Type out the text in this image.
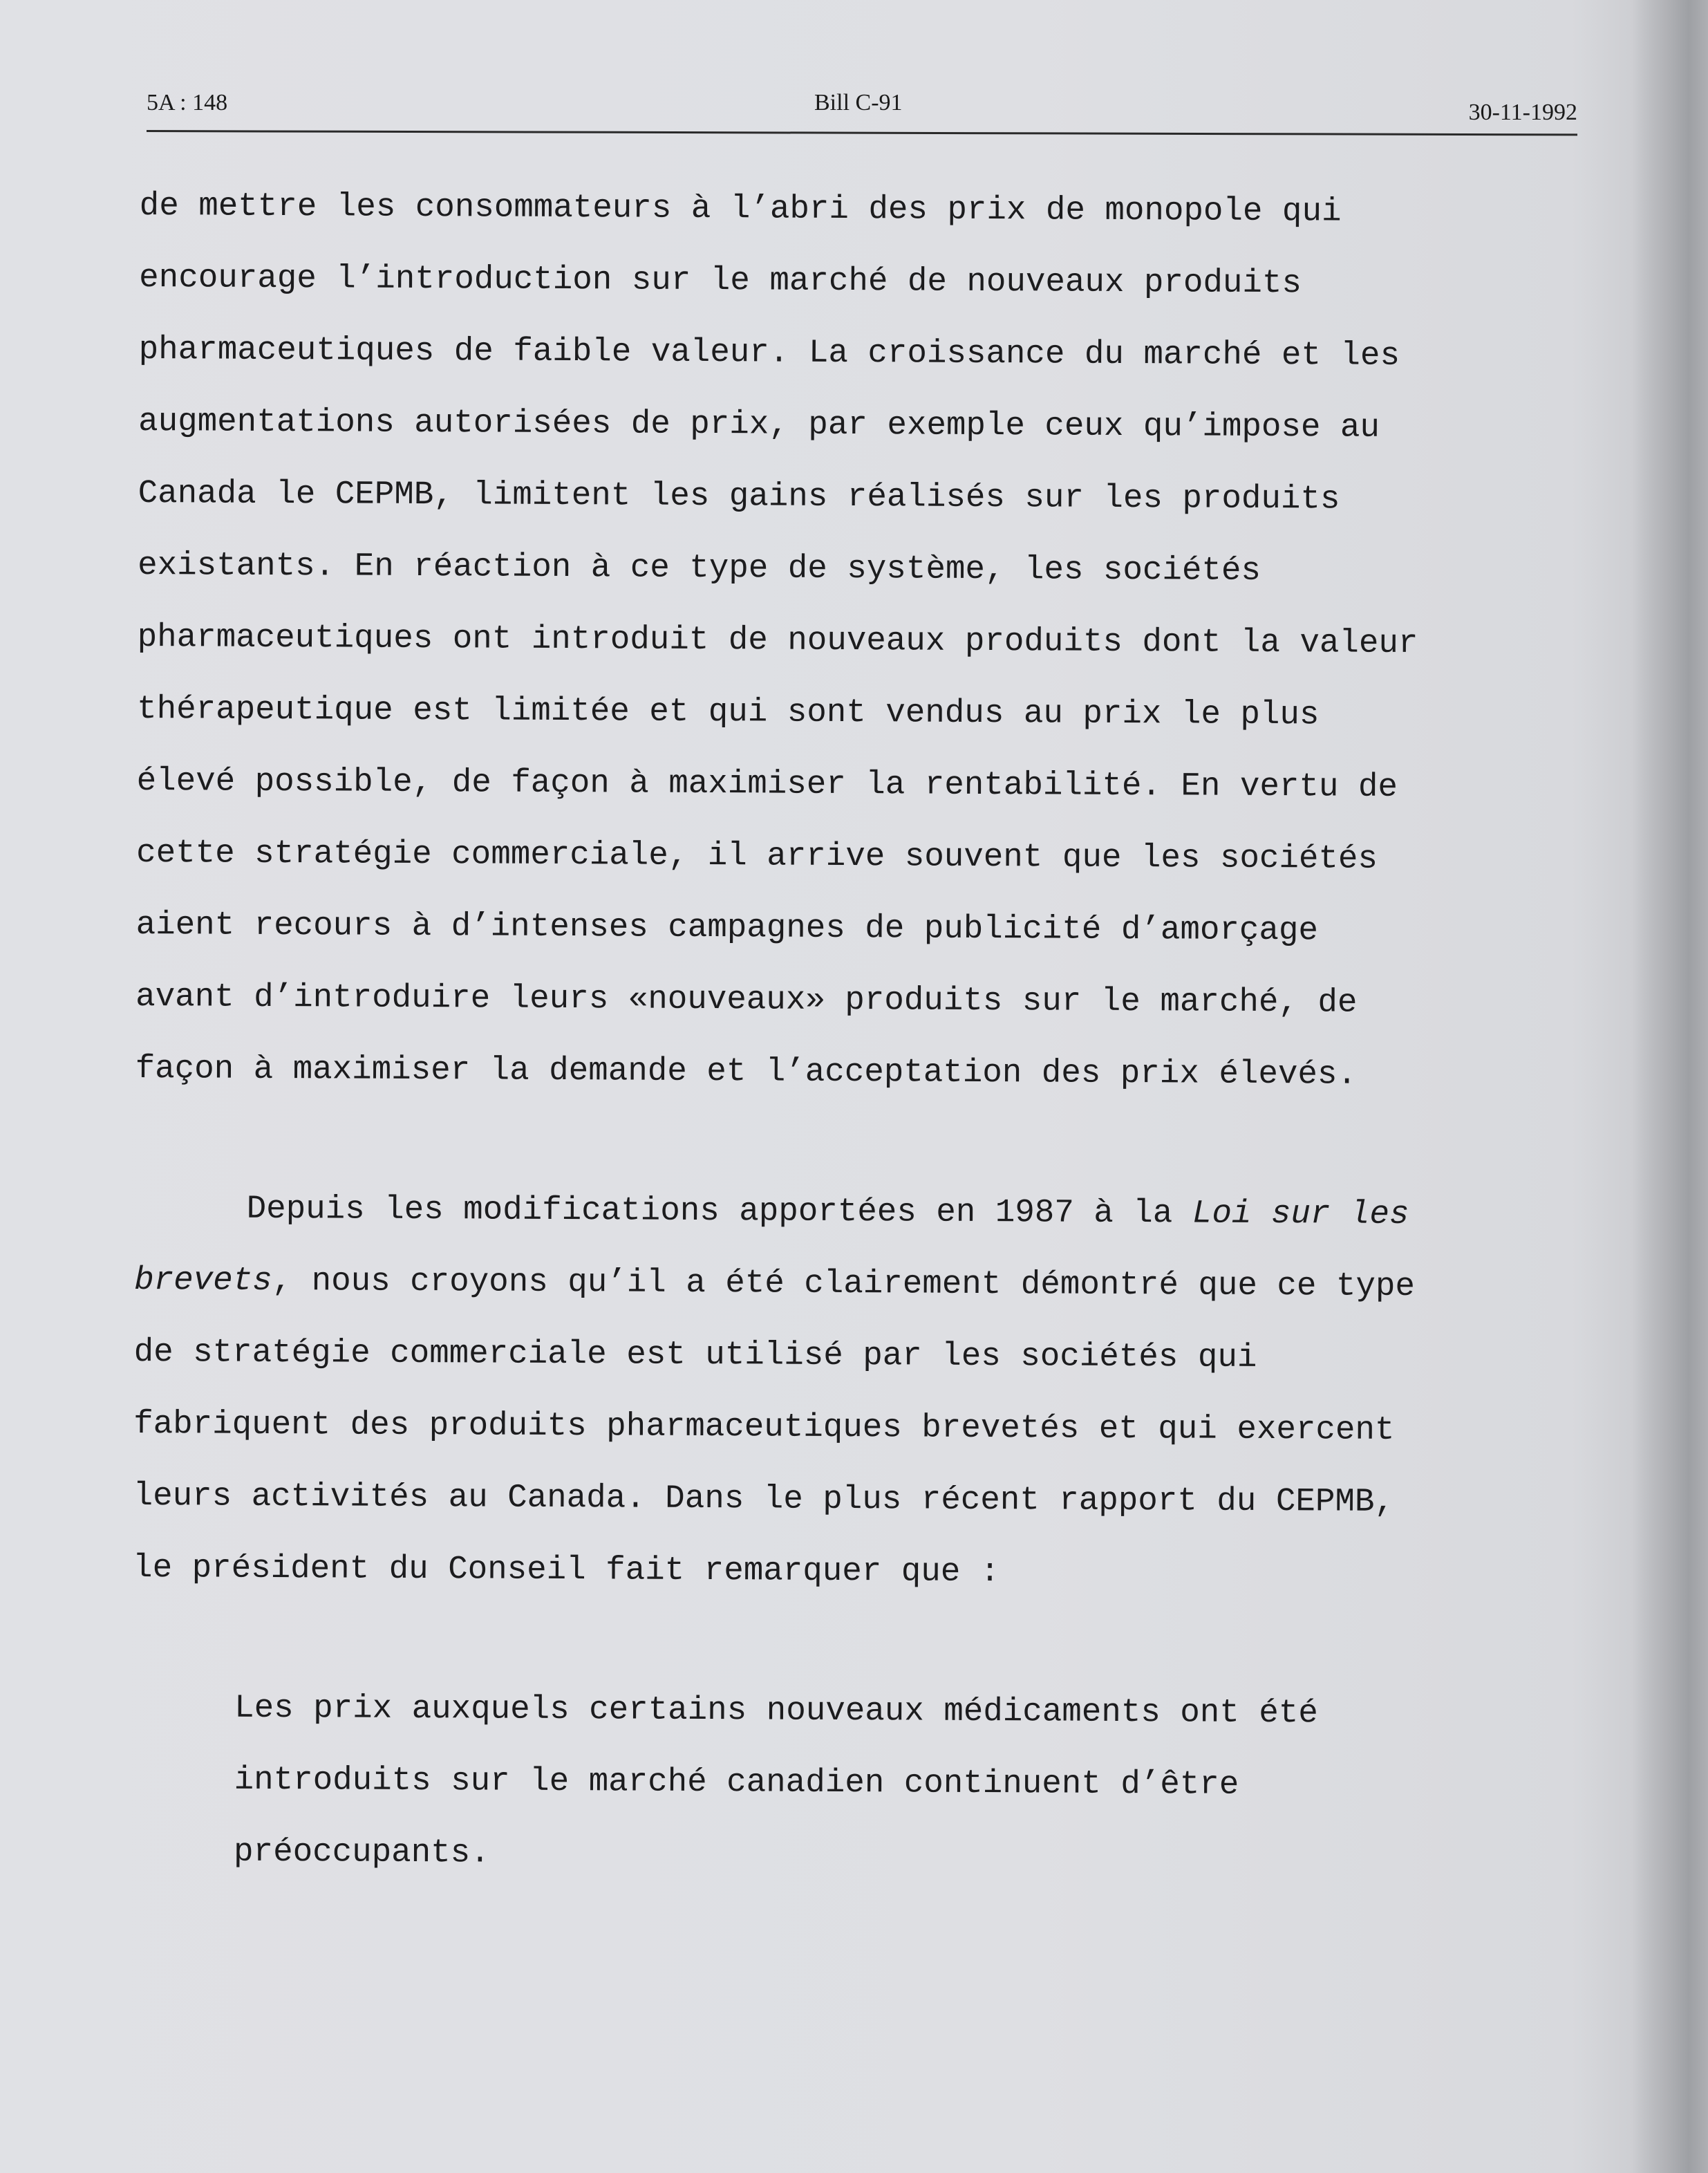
5A : 148	Bill C-91	30-11-1992
de mettre les consommateurs à l’abri des prix de monopole qui
encourage l’introduction sur le marché de nouveaux produits
pharmaceutiques de faible valeur. La croissance du marché et les
augmentations autorisées de prix, par exemple ceux qu’impose au
Canada le CEPMB, limitent les gains réalisés sur les produits
existants. En réaction à ce type de système, les sociétés
pharmaceutiques ont introduit de nouveaux produits dont la valeur
thérapeutique est limitée et qui sont vendus au prix le plus
élevé possible, de façon à maximiser la rentabilité. En vertu de
cette stratégie commerciale, il arrive souvent que les sociétés
aient recours à d’intenses campagnes de publicité d’amorçage
avant d’introduire leurs «nouveaux» produits sur le marché, de
façon à maximiser la demande et l’acceptation des prix élevés.
Depuis les modifications apportées en 1987 à la Loi sur les
brevets, nous croyons qu’il a été clairement démontré que ce type
de stratégie commerciale est utilisé par les sociétés qui
fabriquent des produits pharmaceutiques brevetés et qui exercent
leurs activités au Canada. Dans le plus récent rapport du CEPMB,
le président du Conseil fait remarquer que :
Les prix auxquels certains nouveaux médicaments ont été
introduits sur le marché canadien continuent d’être
préoccupants.
